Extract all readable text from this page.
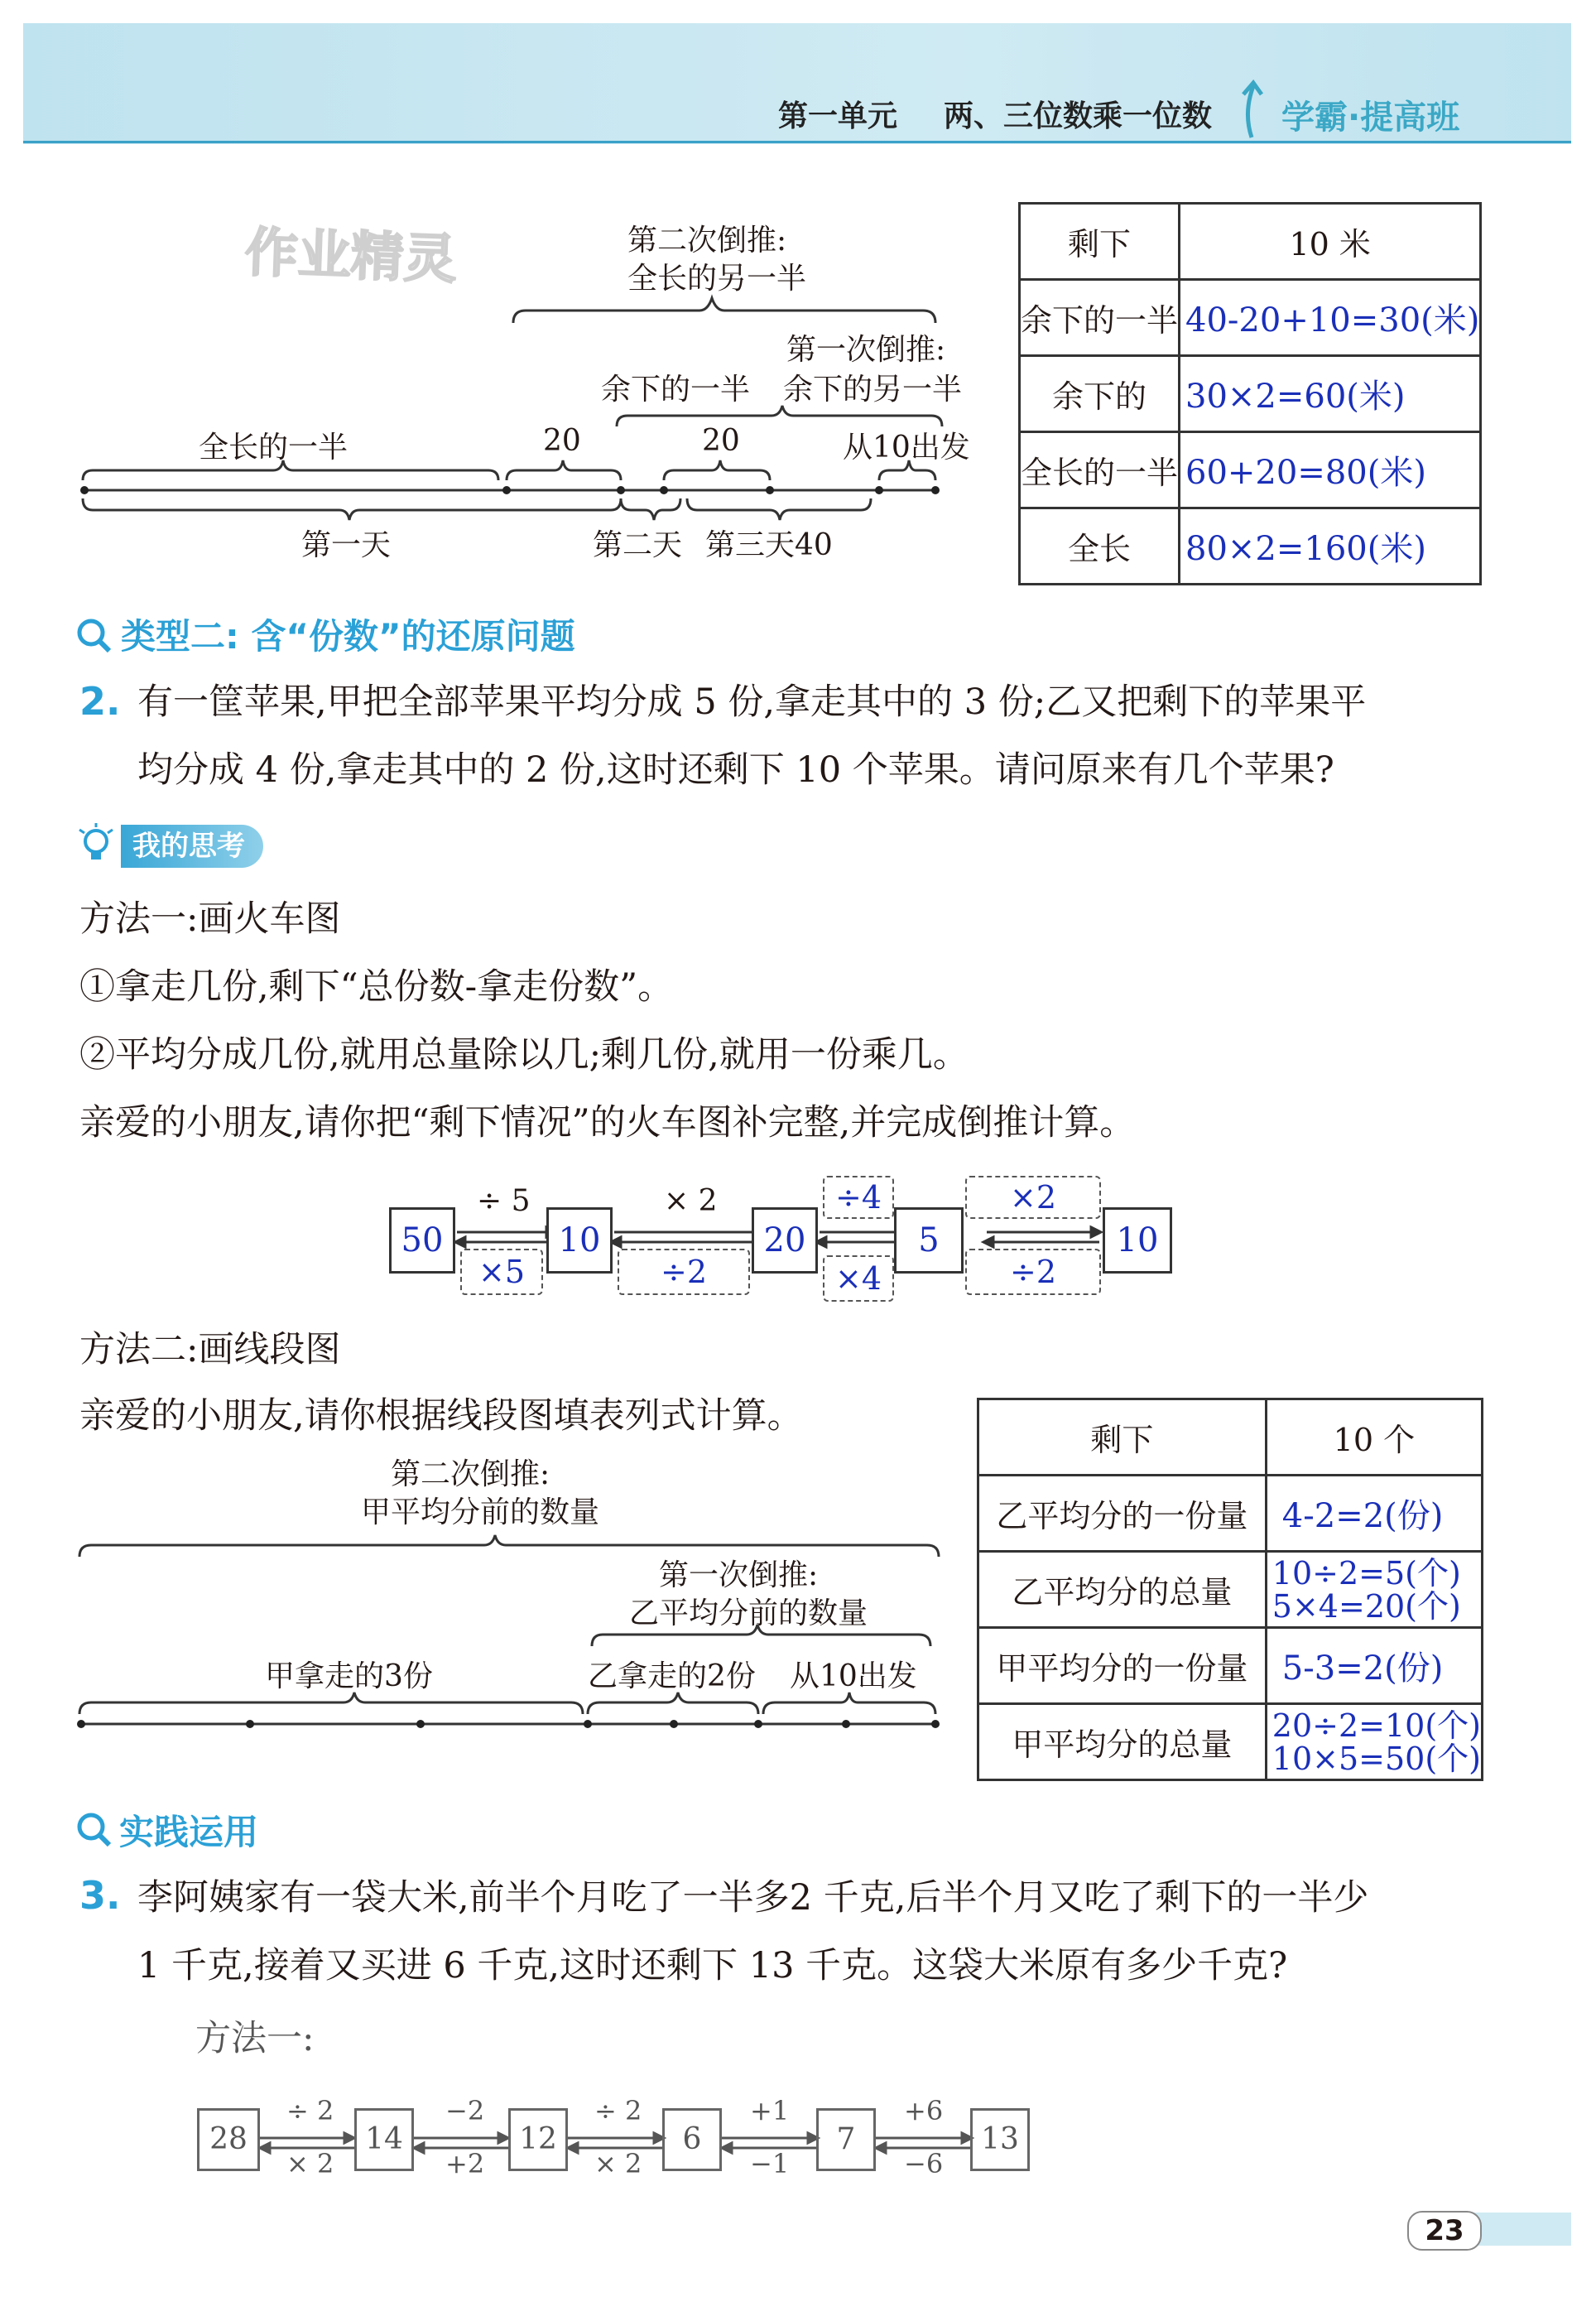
第一单元 两、三位数乘一位数 学霸·提高班
作业精灵	第二次倒推:
全长的另一半
第一次倒推:
余下的一半 余下的另一半
全长的一半	20	20	从10出发
第一天	第二天 第三天40
剩下	10 米
余下的一半	40-20+10=30(米)
余下的	30×2=60(米)
全长的一半	60+20=80(米)
全长	80×2=160(米)
类型二: 含“份数”的还原问题
2. 有一筐苹果,甲把全部苹果平均分成 5 份,拿走其中的 3 份;乙又把剩下的苹果平
均分成 4 份,拿走其中的 2 份,这时还剩下 10 个苹果。请问原来有几个苹果?
我的思考
方法一:画火车图
①拿走几份,剩下“总份数-拿走份数”。
②平均分成几份,就用总量除以几;剩几份,就用一份乘几。
亲爱的小朋友,请你把“剩下情况”的火车图补完整,并完成倒推计算。
50	10	20	5	10
÷ 5	× 2	÷4	×2
×5	÷2	×4	÷2
方法二:画线段图
亲爱的小朋友,请你根据线段图填表列式计算。
第二次倒推:
甲平均分前的数量
第一次倒推:
乙平均分前的数量
甲拿走的3份	乙拿走的2份 从10出发
剩下	10 个
乙平均分的一份量	4-2=2(份)
乙平均分的总量	10÷2=5(个)
5×4=20(个)

甲平均分的一份量	5-3=2(份)
甲平均分的总量	20÷2=10(个)
10×5=50(个)
实践运用
3. 李阿姨家有一袋大米,前半个月吃了一半多2 千克,后半个月又吃了剩下的一半少
1 千克,接着又买进 6 千克,这时还剩下 13 千克。这袋大米原有多少千克?
方法一:
28	14	12	6	7	13
÷ 2	−2	÷ 2	+1	+6
× 2	+2	× 2	−1	−6
23
